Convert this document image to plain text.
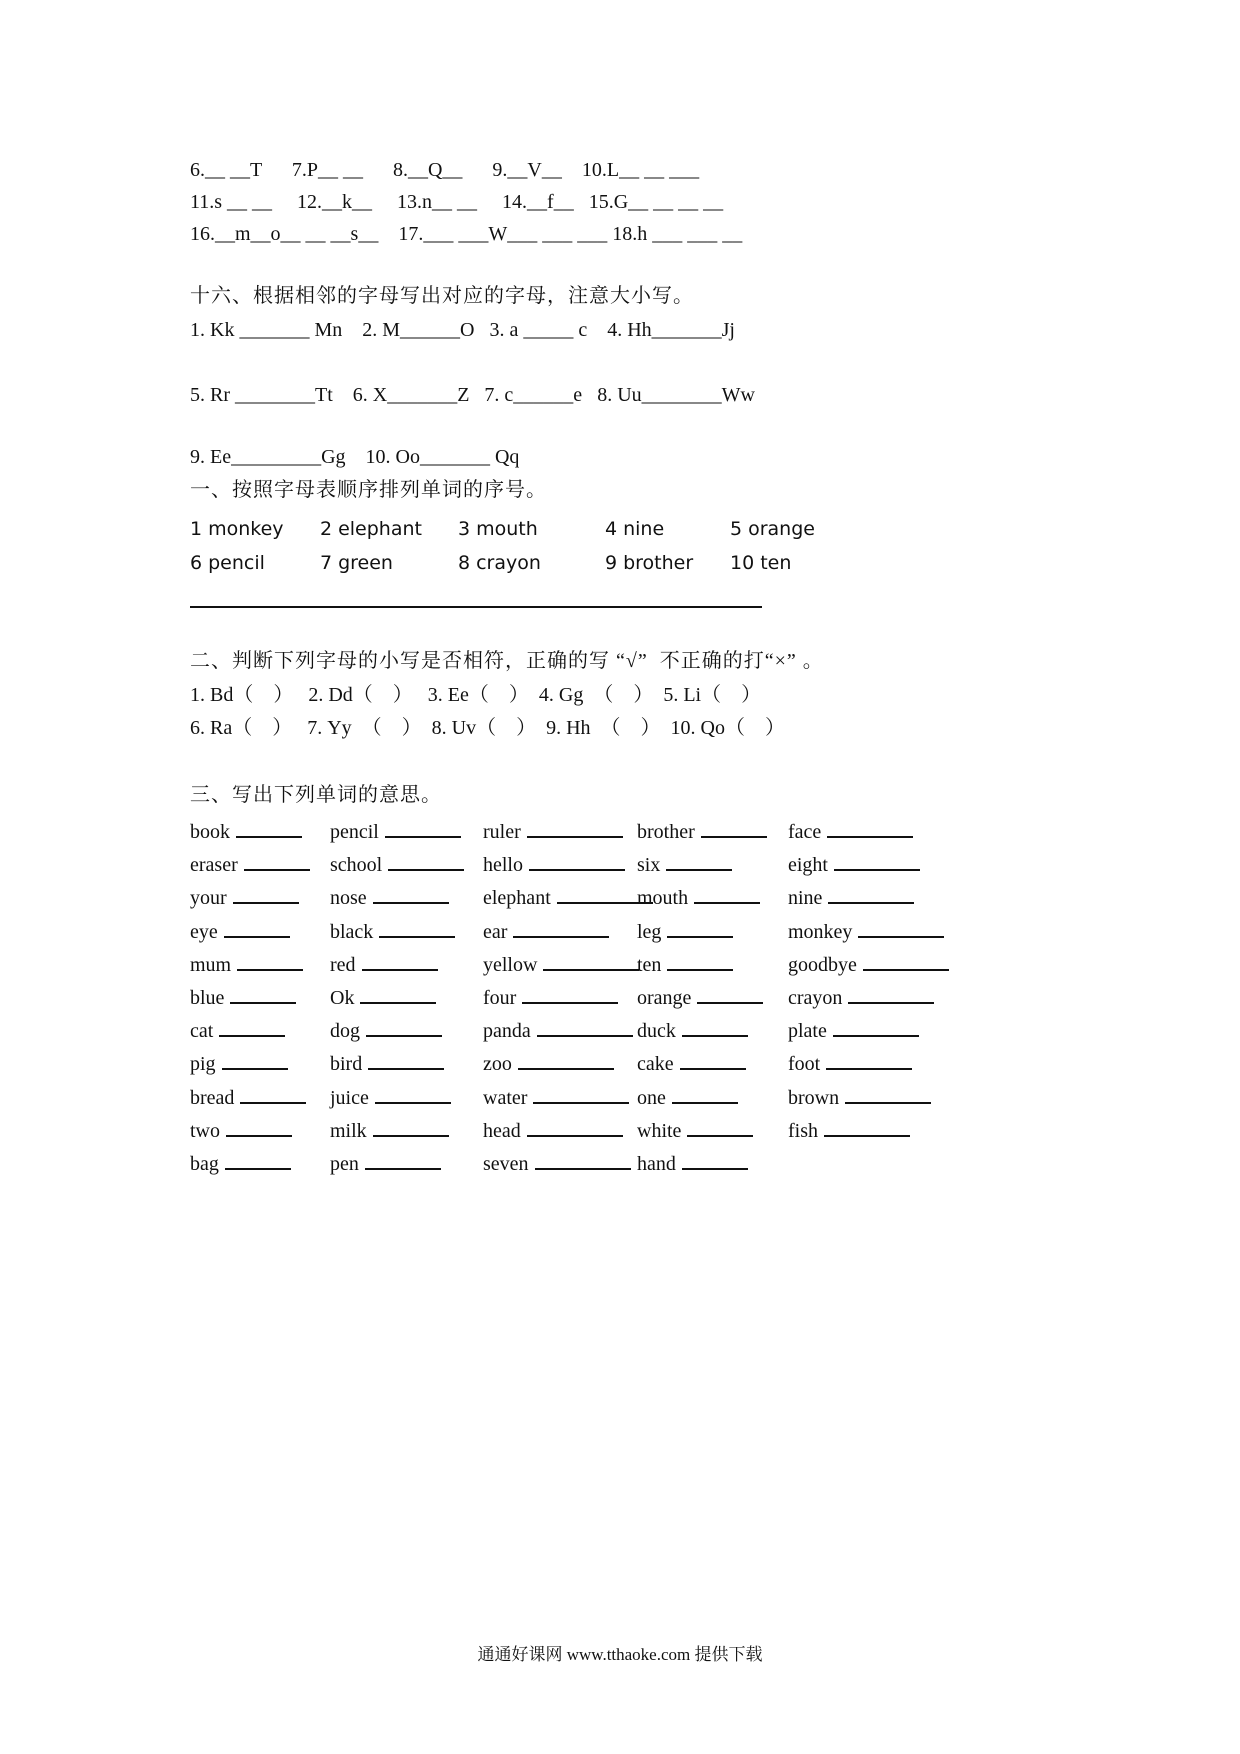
6.__ __T      7.P__ __      8.__Q__      9.__V__    10.L__ __ ___
11.s __ __     12.__k__     13.n__ __     14.__f__   15.G__ __ __ __
16.__m__o__ __ __s__    17.___ ___W___ ___ ___ 18.h ___ ___ __
十六、根据相邻的字母写出对应的字母，注意大小写。
1. Kk _______ Mn    2. M______O   3. a _____ c    4. Hh_______Jj
5. Rr ________Tt    6. X_______Z   7. c______e   8. Uu________Ww
9. Ee_________Gg    10. Oo_______ Qq
一、按照字母表顺序排列单词的序号。
1 monkey 2 elephant 3 mouth	4 nine	5 orange
6 pencil	7 green	8 crayon	9 brother 10 ten
二、判断下列字母的小写是否相符，正确的写 “√”  不正确的打“×” 。
1. Bd（    ）   2. Dd（    ）   3. Ee（    ）  4. Gg  （    ）  5. Li（    ）
6. Ra（    ）   7. Yy  （    ）  8. Uv（    ）  9. Hh  （    ）  10. Qo（    ）
三、写出下列单词的意思。
book	pencil	ruler	brother	face
eraser	school	hello	six	eight
your	nose	elephant	mouth	nine
eye	black	ear	leg	monkey
mum	red	yellow	ten	goodbye
blue	Ok	four	orange	crayon
cat	dog	panda	duck	plate
pig	bird	zoo	cake	foot
bread	juice	water	one	brown
two	milk	head	white	fish
bag	pen	seven	hand
通通好课网 www.tthaoke.com 提供下载
